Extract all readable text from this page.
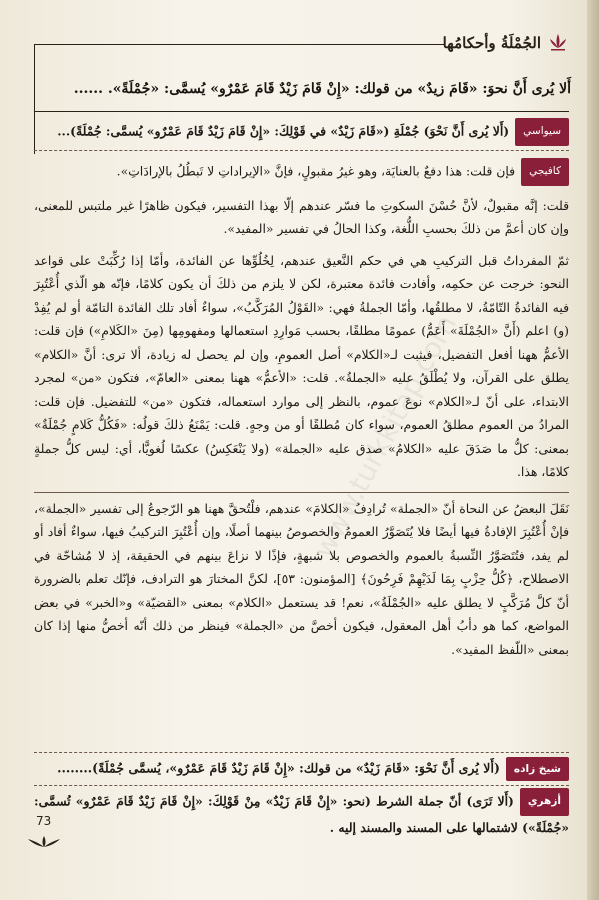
www.turkkitap.com
الجُمْلَةُ وأحكامُها
أَلا يُرى أَنَّ نحوَ: «قَامَ زيدٌ» من قولك: «إِنْ قَامَ زَيْدٌ قَامَ عَمْرٌو» يُسمَّى: «جُمْلَةً». ......

سيواسي(أَلا يُرى أَنَّ نَحْوَ) جُمْلَةِ («قَامَ زَيْدٌ» في قَوْلِكَ: «إِنْ قَامَ زَيْدٌ قَامَ عَمْرٌو» يُسمَّى: جُمْلَةً)...

كافيجيفإن قلت: هذا دفعٌ بالعنايَة، وهو غيرُ مقبولٍ، فإنَّ «الإيراداتِ لا تَبطُلُ بالإرادَاتِ».

قلت: إنَّه مقبولٌ، لأنَّ حُسْنَ السكوتِ ما فسّر عندهم إلّا بهذا التفسير، فيكون ظاهرًا غير ملتبس للمعنى، وإن كان أعمَّ من ذلكَ بحسبِ اللُّغة، وكذا الحالُ في تفسير «المفيد».

ثمّ المفرداتُ قبل التركيبِ هي في حكم النَّعيق عندهم، لِخُلُوِّها عن الفائدة، وأمّا إذا رُكِّبَتْ على قواعد النحو: خرجت عن حكمِه، وأفادت فائدة معتبرة، لكن لا يلزم من ذلكَ أن يكون كلامًا، فإنّه هو الّذي أُعْتُبِرَ فيه الفائدةُ التّامّةُ، لا مطلقُها، وأمّا الجملةُ فهي: «القَوْلُ المُرَكَّبُ»، سواءٌ أفاد تلك الفائدة التامّة أو لم يُفِدْ (و) اعلم (أَنَّ «الجُمْلَةَ» أَعَمُّ) عمومًا مطلقًا، بحسب مَوارِدِ استعمالها ومفهومِها (مِنَ «الكَلامِ») فإن قلت: الأعمُّ ههنا أفعل التفضيل، فيثبت لـ«الكلام» أصل العمومِ، وإن لم يحصل له زيادة، ألا ترى: أنَّ «الكلام» يطلق على القرآن، ولا يُطْلَقُ عليه «الجملةُ». قلت: «الأعمُّ» ههنا بمعنى «العامّ»، فتكون «من» لمجرد الابتداء، على أنّ لـ«الكلام» نوعَ عموم، بالنظر إلى موارد استعماله، فتكون «من» للتفضيل. فإن قلت: المرادُ من العموم مطلقُ العموم، سواء كان مُطلقًا أو من وجهٍ. قلت: يَمْنَعُ ذلكَ قولُه: «فَكُلُّ كَلامٍ جُمْلَةٌ» بمعنى: كلُّ ما صَدَقَ عليه «الكلامُ» صدق عليه «الجملة» (ولا يَنْعَكِسُ) عكسًا لُغويًّا، أي: ليس كلُّ جملةٍ كلامًا، هذا.

نَقَلَ البعضُ عن النحاة أنّ «الجملة» تُرادِفُ «الكلامَ» عندهم، فلْتُحقَّ ههنا هو الرّجوعُ إلى تفسير «الجملة»، فإنْ أُعْتُبِرَ الإفادةُ فيها أيضًا فلا يُتَصَوَّرُ العمومُ والخصوصُ بينهما أصلًا، وإن أُعْتُبِرَ التركيبُ فيها، سواءٌ أفاد أو لم يفد، فتُتَصَوَّرُ النِّسبةُ بالعموم والخصوص بلا شبهةٍ، فإذًا لا نزاعَ بينهم في الحقيقة، إذ لا مُشاحّة في الاصطلاح، ﴿كُلُّ حِزْبٍ بِمَا لَدَيْهِمْ فَرِحُونَ﴾ [المؤمنون: ٥٣]، لكنَّ المختارَ هو الترادف، فإنّك تعلم بالضرورة أنّ كلَّ مُرَكَّبٍ لا يطلق عليه «الجُمْلَةُ»، نعم! قد يستعمل «الكلام» بمعنى «القضيّة» و«الخبر» في بعض المواضع، كما هو دأبُ أهل المعقول، فيكون أخصَّ من «الجملة» فينظر من ذلك أنّه أخصُّ منها إذا كان بمعنى «اللّفظ المفيد».

شيخ زاده(أَلا يُرى أَنَّ نَحْوَ: «قَامَ زَيْدٌ» من قولك: «إِنْ قَامَ زَيْدٌ قَامَ عَمْرٌو»، يُسمَّى جُمْلَةً)........

أزهري(أَلا تَرَى) أنّ جملة الشرط (نحو: «إِنْ قَامَ زَيْدٌ» مِنْ قَوْلِكَ: «إِنْ قَامَ زَيْدٌ قَامَ عَمْرٌو» تُسمَّى: «جُمْلَةً») لاشتمالها على المسند والمسند إليه .

73
